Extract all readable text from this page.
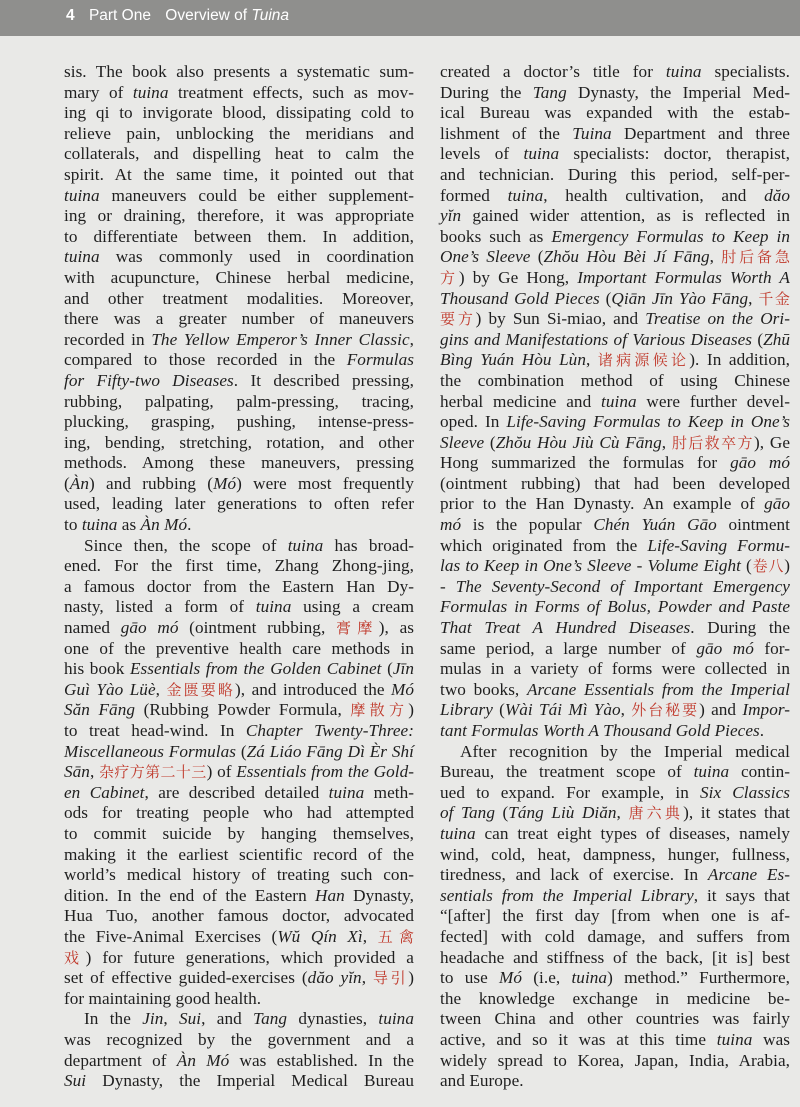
4 Part One Overview of Tuina
sis. The book also presents a systematic sum-
mary of tuina treatment effects, such as mov-
ing qi to invigorate blood, dissipating cold to
relieve pain, unblocking the meridians and
collaterals, and dispelling heat to calm the
spirit. At the same time, it pointed out that
tuina maneuvers could be either supplement-
ing or draining, therefore, it was appropriate
to differentiate between them. In addition,
tuina was commonly used in coordination
with acupuncture, Chinese herbal medicine,
and other treatment modalities. Moreover,
there was a greater number of maneuvers
recorded in The Yellow Emperor’s Inner Classic,
compared to those recorded in the Formulas
for Fifty-two Diseases. It described pressing,
rubbing, palpating, palm-pressing, tracing,
plucking, grasping, pushing, intense-press-
ing, bending, stretching, rotation, and other
methods. Among these maneuvers, pressing
(Àn) and rubbing (Mó) were most frequently
used, leading later generations to often refer
to tuina as Àn Mó.
Since then, the scope of tuina has broad-
ened. For the first time, Zhang Zhong-jing,
a famous doctor from the Eastern Han Dy-
nasty, listed a form of tuina using a cream
named gāo mó (ointment rubbing, 膏摩), as
one of the preventive health care methods in
his book Essentials from the Golden Cabinet (Jīn
Guì Yào Lüè, 金匮要略), and introduced the Mó
Săn Fāng (Rubbing Powder Formula, 摩散方)
to treat head-wind. In Chapter Twenty-Three:
Miscellaneous Formulas (Zá Liáo Fāng Dì Èr Shí
Sān, 杂疗方第二十三) of Essentials from the Gold-
en Cabinet, are described detailed tuina meth-
ods for treating people who had attempted
to commit suicide by hanging themselves,
making it the earliest scientific record of the
world’s medical history of treating such con-
dition. In the end of the Eastern Han Dynasty,
Hua Tuo, another famous doctor, advocated
the Five-Animal Exercises (Wŭ Qín Xì, 五禽
戏) for future generations, which provided a
set of effective guided-exercises (dăo yĭn, 导引)
for maintaining good health.
In the Jin, Sui, and Tang dynasties, tuina
was recognized by the government and a
department of Àn Mó was established. In the
Sui Dynasty, the Imperial Medical Bureau
created a doctor’s title for tuina specialists.
During the Tang Dynasty, the Imperial Med-
ical Bureau was expanded with the estab-
lishment of the Tuina Department and three
levels of tuina specialists: doctor, therapist,
and technician. During this period, self-per-
formed tuina, health cultivation, and dăo
yĭn gained wider attention, as is reflected in
books such as Emergency Formulas to Keep in
One’s Sleeve (Zhŏu Hòu Bèi Jí Fāng, 肘后备急
方) by Ge Hong, Important Formulas Worth A
Thousand Gold Pieces (Qiān Jīn Yào Fāng, 千金
要方) by Sun Si-miao, and Treatise on the Ori-
gins and Manifestations of Various Diseases (Zhū
Bìng Yuán Hòu Lùn, 诸病源候论). In addition,
the combination method of using Chinese
herbal medicine and tuina were further devel-
oped. In Life-Saving Formulas to Keep in One’s
Sleeve (Zhŏu Hòu Jiù Cù Fāng, 肘后救卒方), Ge
Hong summarized the formulas for gāo mó
(ointment rubbing) that had been developed
prior to the Han Dynasty. An example of gāo
mó is the popular Chén Yuán Gāo ointment
which originated from the Life-Saving Formu-
las to Keep in One’s Sleeve - Volume Eight (卷八)
- The Seventy-Second of Important Emergency
Formulas in Forms of Bolus, Powder and Paste
That Treat A Hundred Diseases. During the
same period, a large number of gāo mó for-
mulas in a variety of forms were collected in
two books, Arcane Essentials from the Imperial
Library (Wài Tái Mì Yào, 外台秘要) and Impor-
tant Formulas Worth A Thousand Gold Pieces.
After recognition by the Imperial medical
Bureau, the treatment scope of tuina contin-
ued to expand. For example, in Six Classics
of Tang (Táng Liù Diăn, 唐六典), it states that
tuina can treat eight types of diseases, namely
wind, cold, heat, dampness, hunger, fullness,
tiredness, and lack of exercise. In Arcane Es-
sentials from the Imperial Library, it says that
“[after] the first day [from when one is af-
fected] with cold damage, and suffers from
headache and stiffness of the back, [it is] best
to use Mó (i.e, tuina) method.” Furthermore,
the knowledge exchange in medicine be-
tween China and other countries was fairly
active, and so it was at this time tuina was
widely spread to Korea, Japan, India, Arabia,
and Europe.
